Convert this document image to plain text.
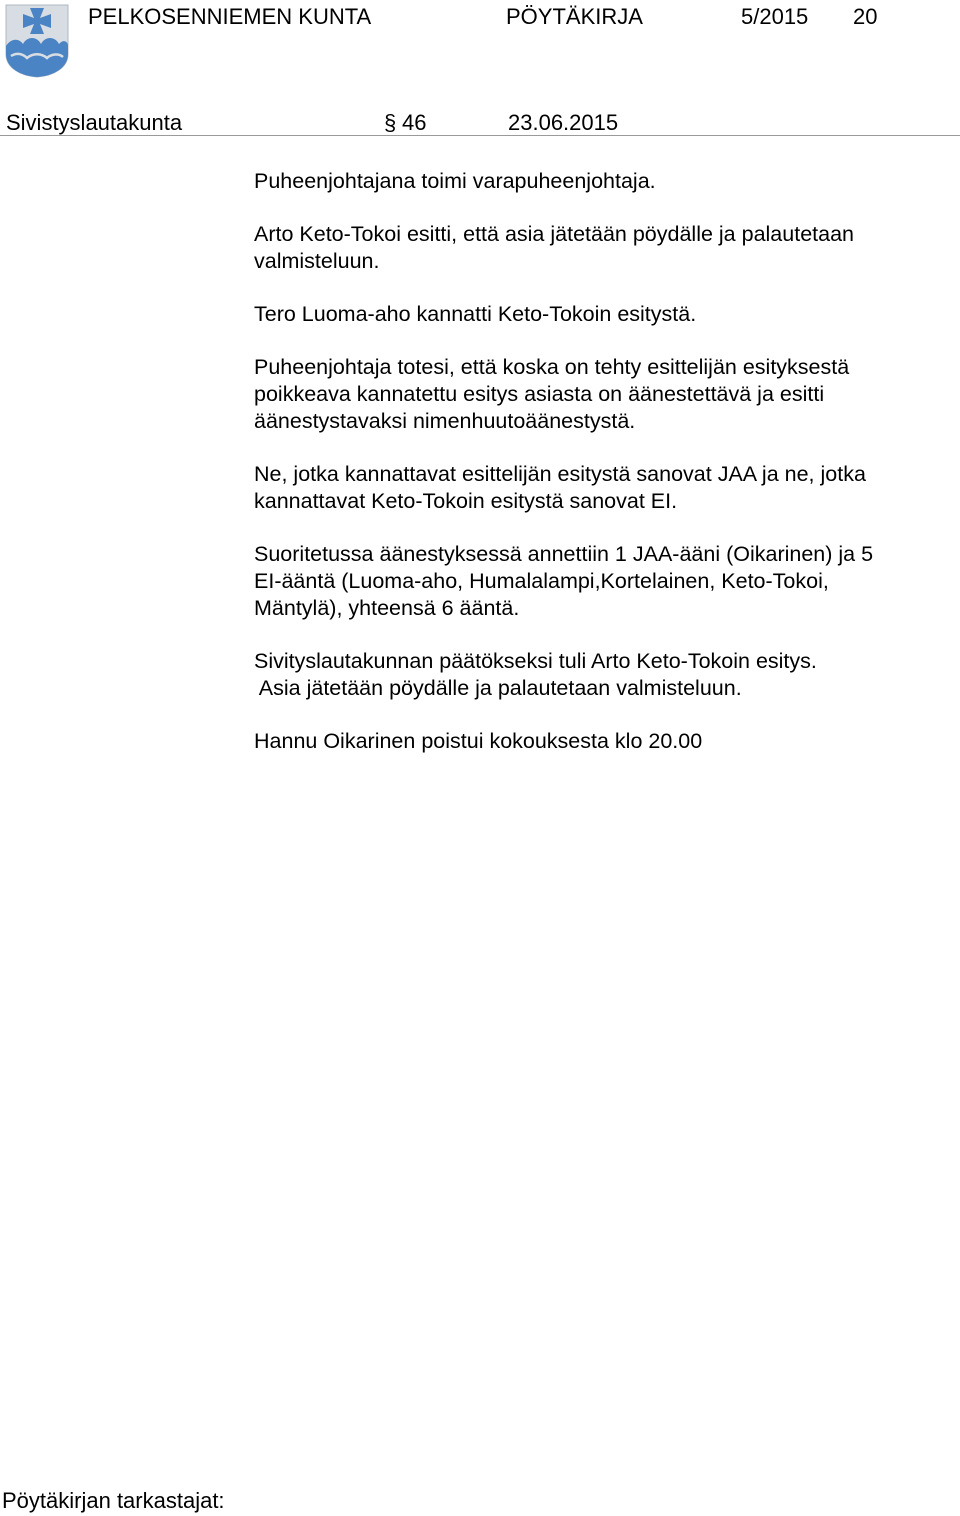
PELKOSENNIEMEN KUNTA	PÖYTÄKIRJA	5/2015 20
Sivistyslautakunta	§ 46	23.06.2015

Puheenjohtajana toimi varapuheenjohtaja.

Arto Keto-Tokoi esitti, että asia jätetään pöydälle ja palautetaan
valmisteluun.

Tero Luoma-aho kannatti Keto-Tokoin esitystä.

Puheenjohtaja totesi, että koska on tehty esittelijän esityksestä
poikkeava kannatettu esitys asiasta on äänestettävä ja esitti
äänestystavaksi nimenhuutoäänestystä.

Ne, jotka kannattavat esittelijän esitystä sanovat JAA ja ne, jotka
kannattavat Keto-Tokoin esitystä sanovat EI.

Suoritetussa äänestyksessä annettiin 1 JAA-ääni (Oikarinen) ja 5
EI-ääntä (Luoma-aho, Humalalampi,Kortelainen, Keto-Tokoi,
Mäntylä), yhteensä 6 ääntä.

Sivityslautakunnan päätökseksi tuli Arto Keto-Tokoin esitys.
Asia jätetään pöydälle ja palautetaan valmisteluun.

Hannu Oikarinen poistui kokouksesta klo 20.00

Pöytäkirjan tarkastajat:
